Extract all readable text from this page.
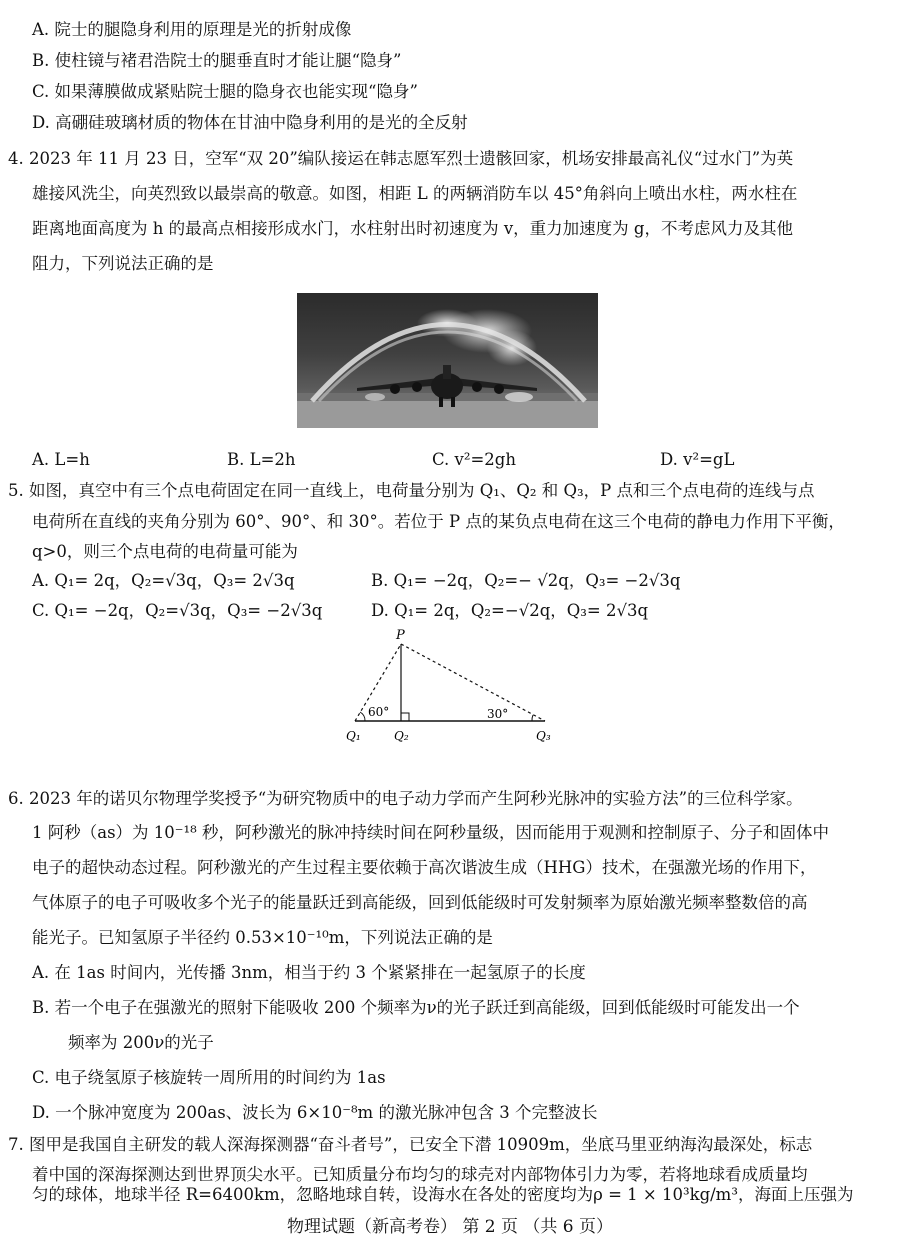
A. 院士的腿隐身利用的原理是光的折射成像
B. 使柱镜与褚君浩院士的腿垂直时才能让腿“隐身”
C. 如果薄膜做成紧贴院士腿的隐身衣也能实现“隐身”
D. 高硼硅玻璃材质的物体在甘油中隐身利用的是光的全反射
4. 2023 年 11 月 23 日，空军“双 20”编队接运在韩志愿军烈士遗骸回家，机场安排最高礼仪“过水门”为英
雄接风洗尘，向英烈致以最崇高的敬意。如图，相距 L 的两辆消防车以 45°角斜向上喷出水柱，两水柱在
距离地面高度为 h 的最高点相接形成水门，水柱射出时初速度为 v，重力加速度为 g，不考虑风力及其他
阻力，下列说法正确的是
A. L=h	B. L=2h	C. v²=2gh	D. v²=gL
5. 如图，真空中有三个点电荷固定在同一直线上，电荷量分别为 Q₁、Q₂ 和 Q₃，P 点和三个点电荷的连线与点
电荷所在直线的夹角分别为 60°、90°、和 30°。若位于 P 点的某负点电荷在这三个电荷的静电力作用下平衡，
q>0，则三个点电荷的电荷量可能为
A. Q₁= 2q，Q₂=√3q，Q₃= 2√3q	B. Q₁= −2q，Q₂=− √2q，Q₃= −2√3q
C. Q₁= −2q，Q₂=√3q，Q₃= −2√3q	D. Q₁= 2q，Q₂=−√2q，Q₃= 2√3q
P
60°	30°
Q₁	Q₂	Q₃
6. 2023 年的诺贝尔物理学奖授予“为研究物质中的电子动力学而产生阿秒光脉冲的实验方法”的三位科学家。
1 阿秒（as）为 10⁻¹⁸ 秒，阿秒激光的脉冲持续时间在阿秒量级，因而能用于观测和控制原子、分子和固体中
电子的超快动态过程。阿秒激光的产生过程主要依赖于高次谐波生成（HHG）技术，在强激光场的作用下，
气体原子的电子可吸收多个光子的能量跃迁到高能级，回到低能级时可发射频率为原始激光频率整数倍的高
能光子。已知氢原子半径约 0.53×10⁻¹⁰m，下列说法正确的是
A. 在 1as 时间内，光传播 3nm，相当于约 3 个紧紧排在一起氢原子的长度
B. 若一个电子在强激光的照射下能吸收 200 个频率为ν的光子跃迁到高能级，回到低能级时可能发出一个
频率为 200ν的光子
C. 电子绕氢原子核旋转一周所用的时间约为 1as
D. 一个脉冲宽度为 200as、波长为 6×10⁻⁸m 的激光脉冲包含 3 个完整波长
7. 图甲是我国自主研发的载人深海探测器“奋斗者号”，已安全下潜 10909m，坐底马里亚纳海沟最深处，标志
着中国的深海探测达到世界顶尖水平。已知质量分布均匀的球壳对内部物体引力为零，若将地球看成质量均
匀的球体，地球半径 R=6400km，忽略地球自转，设海水在各处的密度均为ρ = 1 × 10³kg/m³，海面上压强为
物理试题（新高考卷） 第 2 页 （共 6 页）
